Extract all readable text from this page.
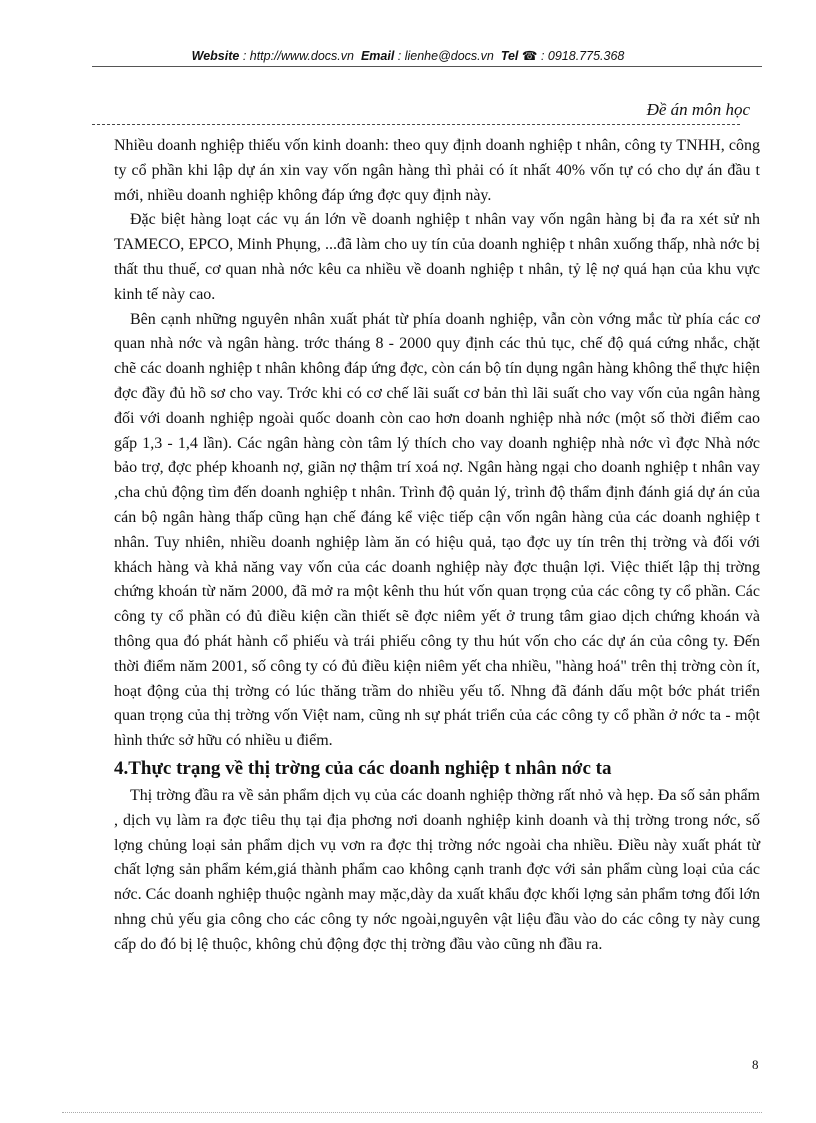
Website : http://www.docs.vn Email : lienhe@docs.vn Tel ☎ : 0918.775.368
Đề án môn học

Nhiều doanh nghiệp thiếu vốn kinh doanh: theo quy định doanh nghiệp t nhân, công ty TNHH, công ty cổ phần khi lập dự án xin vay vốn ngân hàng thì phải có ít nhất 40% vốn tự có cho dự án đầu t mới, nhiều doanh nghiệp không đáp ứng đợc quy định này.

Đặc biệt hàng loạt các vụ án lớn về doanh nghiệp t nhân vay vốn ngân hàng bị đa ra xét sử nh TAMECO, EPCO, Minh Phụng, ...đã làm cho uy tín của doanh nghiệp t nhân xuống thấp, nhà nớc bị thất thu thuế, cơ quan nhà nớc kêu ca nhiều về doanh nghiệp t nhân, tỷ lệ nợ quá hạn của khu vực kinh tế này cao.

Bên cạnh những nguyên nhân xuất phát từ phía doanh nghiệp, vẫn còn vớng mắc từ phía các cơ quan nhà nớc và ngân hàng. trớc tháng 8 - 2000 quy định các thủ tục, chế độ quá cứng nhắc, chặt chẽ các doanh nghiệp t nhân không đáp ứng đợc, còn cán bộ tín dụng ngân hàng không thể thực hiện đợc đầy đủ hồ sơ cho vay. Trớc khi có cơ chế lãi suất cơ bản thì lãi suất cho vay vốn của ngân hàng đối với doanh nghiệp ngoài quốc doanh còn cao hơn doanh nghiệp nhà nớc (một số thời điểm cao gấp 1,3 - 1,4 lần). Các ngân hàng còn tâm lý thích cho vay doanh nghiệp nhà nớc vì đợc Nhà nớc bảo trợ, đợc phép khoanh nợ, giãn nợ thậm trí xoá nợ. Ngân hàng ngại cho doanh nghiệp t nhân vay ,cha chủ động tìm đến doanh nghiệp t nhân. Trình độ quản lý, trình độ thẩm định đánh giá dự án của cán bộ ngân hàng thấp cũng hạn chế đáng kể việc tiếp cận vốn ngân hàng của các doanh nghiệp t nhân. Tuy nhiên, nhiều doanh nghiệp làm ăn có hiệu quả, tạo đợc uy tín trên thị trờng và đối với khách hàng và khả năng vay vốn của các doanh nghiệp này đợc thuận lợi. Việc thiết lập thị trờng chứng khoán từ năm 2000, đã mở ra một kênh thu hút vốn quan trọng của các công ty cổ phần. Các công ty cổ phần có đủ điều kiện cần thiết sẽ đợc niêm yết ở trung tâm giao dịch chứng khoán và thông qua đó phát hành cổ phiếu và trái phiếu công ty thu hút vốn cho các dự án của công ty. Đến thời điểm năm 2001, số công ty có đủ điều kiện niêm yết cha nhiều, "hàng hoá" trên thị trờng còn ít, hoạt động của thị trờng có lúc thăng trầm do nhiều yếu tố. Nhng đã đánh dấu một bớc phát triển quan trọng của thị trờng vốn Việt nam, cũng nh sự phát triển của các công ty cổ phần ở nớc ta - một hình thức sở hữu có nhiều u điểm.

4.Thực trạng về thị trờng của các doanh nghiệp t nhân nớc ta

Thị trờng đầu ra về sản phẩm dịch vụ của các doanh nghiệp thờng rất nhỏ và hẹp. Đa số sản phẩm , dịch vụ làm ra đợc tiêu thụ tại địa phơng nơi doanh nghiệp kinh doanh và thị trờng trong nớc, số lợng chủng loại sản phẩm dịch vụ vơn ra đợc thị trờng nớc ngoài cha nhiều. Điều này xuất phát từ chất lợng sản phẩm kém,giá thành phẩm cao không cạnh tranh đợc với sản phẩm cùng loại của các nớc. Các doanh nghiệp thuộc ngành may mặc,dày da xuất khẩu đợc khối lợng sản phẩm tơng đối lớn nhng chủ yếu gia công cho các công ty nớc ngoài,nguyên vật liệu đầu vào do các công ty này cung cấp do đó bị lệ thuộc, không chủ động đợc thị trờng đầu vào cũng nh đầu ra.

8
